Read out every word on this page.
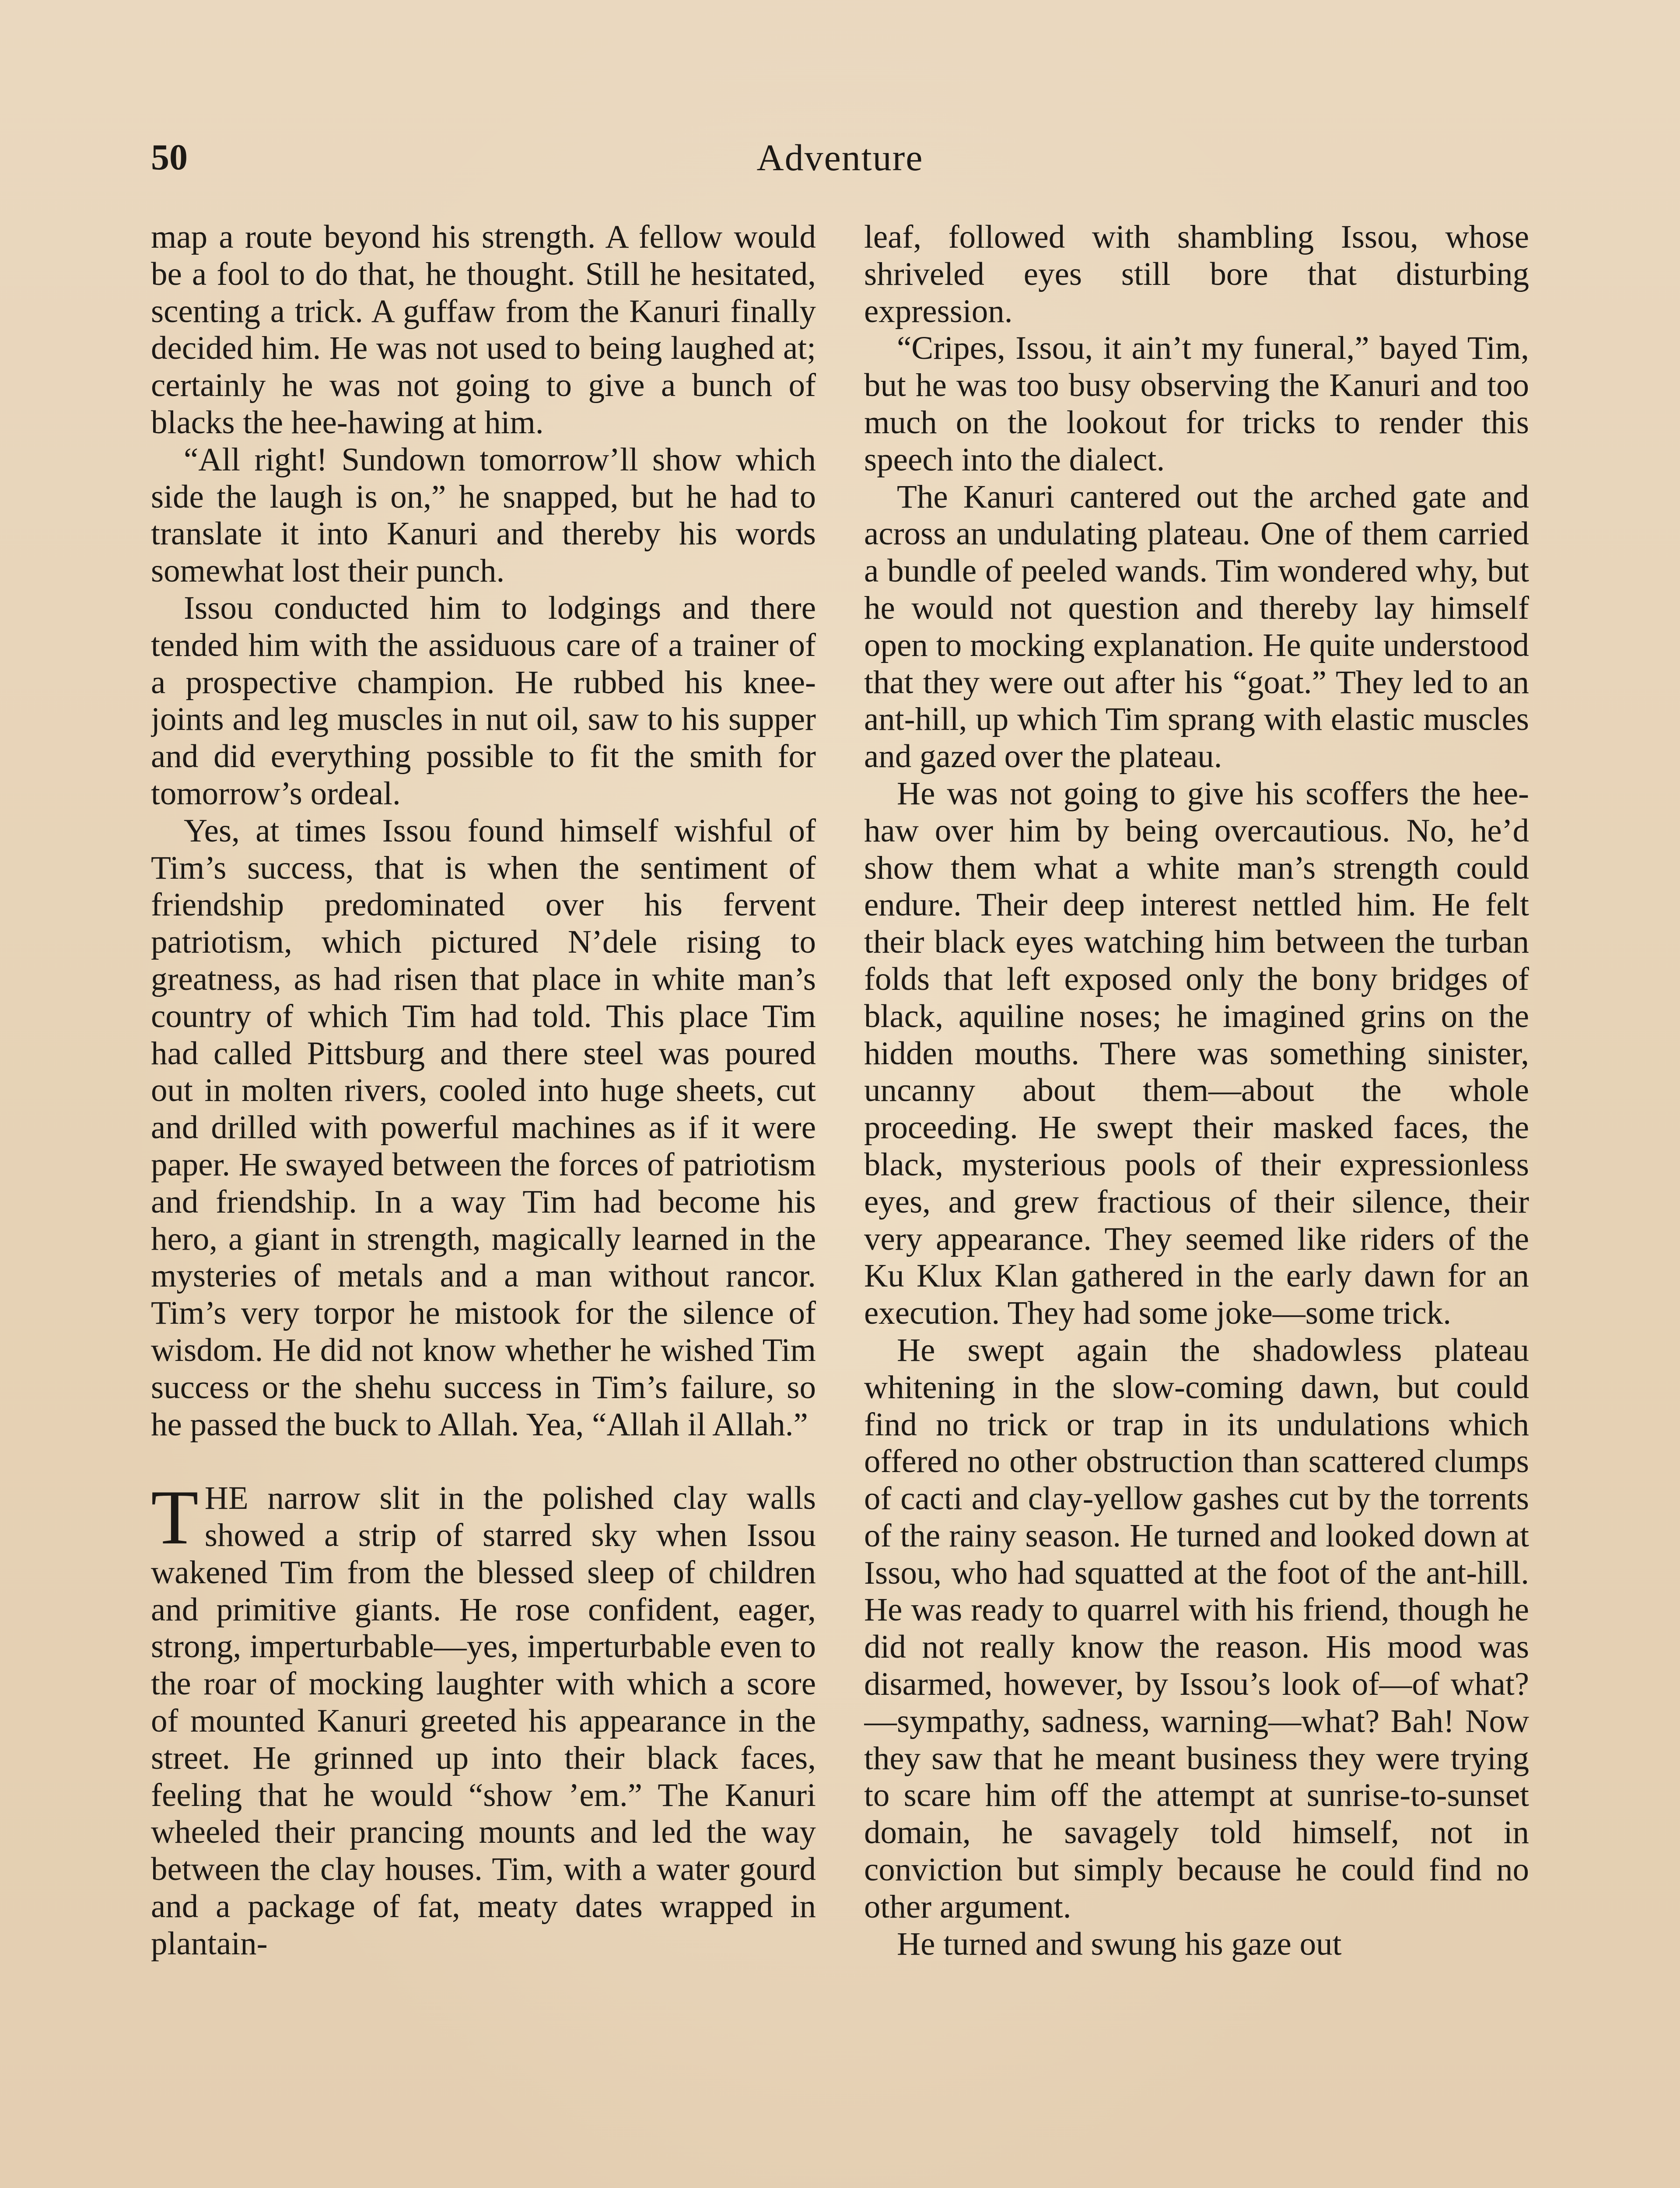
50	Adventure

map a route beyond his strength. A fellow would be a fool to do that, he thought. Still he hesitated, scenting a trick. A guffaw from the Kanuri finally decided him. He was not used to being laughed at; certainly he was not going to give a bunch of blacks the hee-hawing at him.

“All right! Sundown tomorrow’ll show which side the laugh is on,” he snapped, but he had to translate it into Kanuri and thereby his words somewhat lost their punch.

Issou conducted him to lodgings and there tended him with the assiduous care of a trainer of a prospective champion. He rubbed his knee-joints and leg muscles in nut oil, saw to his supper and did everything possible to fit the smith for tomorrow’s ordeal.

Yes, at times Issou found himself wishful of Tim’s success, that is when the sentiment of friendship predominated over his fervent patriotism, which pictured N’dele rising to greatness, as had risen that place in white man’s country of which Tim had told. This place Tim had called Pittsburg and there steel was poured out in molten rivers, cooled into huge sheets, cut and drilled with powerful machines as if it were paper. He swayed between the forces of patriotism and friendship. In a way Tim had become his hero, a giant in strength, magically learned in the mysteries of metals and a man without rancor. Tim’s very torpor he mistook for the silence of wisdom. He did not know whether he wished Tim success or the shehu success in Tim’s failure, so he passed the buck to Allah. Yea, “Allah il Allah.”

THE narrow slit in the polished clay walls showed a strip of starred sky when Issou wakened Tim from the blessed sleep of children and primitive giants. He rose confident, eager, strong, imperturbable—yes, imperturbable even to the roar of mocking laughter with which a score of mounted Kanuri greeted his appearance in the street. He grinned up into their black faces, feeling that he would “show ’em.” The Kanuri wheeled their prancing mounts and led the way between the clay houses. Tim, with a water gourd and a package of fat, meaty dates wrapped in plantain-

leaf, followed with shambling Issou, whose shriveled eyes still bore that disturbing expression.

“Cripes, Issou, it ain’t my funeral,” bayed Tim, but he was too busy observing the Kanuri and too much on the lookout for tricks to render this speech into the dialect.

The Kanuri cantered out the arched gate and across an undulating plateau. One of them carried a bundle of peeled wands. Tim wondered why, but he would not question and thereby lay himself open to mocking explanation. He quite understood that they were out after his “goat.” They led to an ant-hill, up which Tim sprang with elastic muscles and gazed over the plateau.

He was not going to give his scoffers the hee-haw over him by being overcautious. No, he’d show them what a white man’s strength could endure. Their deep interest nettled him. He felt their black eyes watching him between the turban folds that left exposed only the bony bridges of black, aquiline noses; he imagined grins on the hidden mouths. There was something sinister, uncanny about them—about the whole proceeding. He swept their masked faces, the black, mysterious pools of their expressionless eyes, and grew fractious of their silence, their very appearance. They seemed like riders of the Ku Klux Klan gathered in the early dawn for an execution. They had some joke—some trick.

He swept again the shadowless plateau whitening in the slow-coming dawn, but could find no trick or trap in its undulations which offered no other obstruction than scattered clumps of cacti and clay-yellow gashes cut by the torrents of the rainy season. He turned and looked down at Issou, who had squatted at the foot of the ant-hill. He was ready to quarrel with his friend, though he did not really know the reason. His mood was disarmed, however, by Issou’s look of—of what?—sympathy, sadness, warning—what? Bah! Now they saw that he meant business they were trying to scare him off the attempt at sunrise-to-sunset domain, he savagely told himself, not in conviction but simply because he could find no other argument.

He turned and swung his gaze out
